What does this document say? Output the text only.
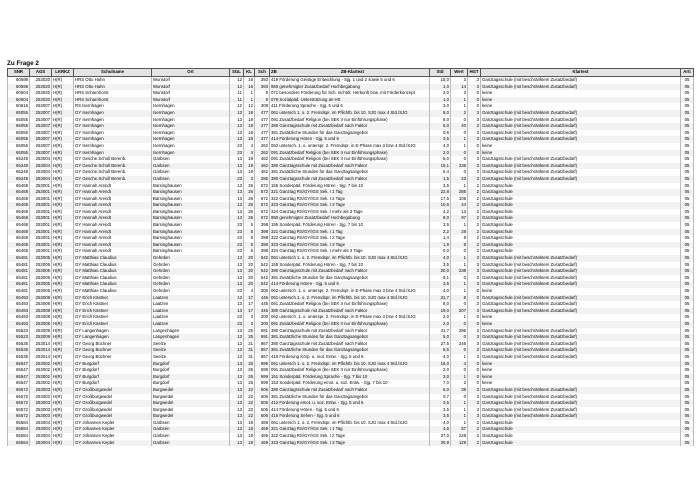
Zu Frage 2
SNR	AGS	LKRKZ	Schulname	Ort	SGL	KL	Sch	ZB ZB-Klartext	Std	Wert	HGT	Klartext	Arti
60598	253020	H(R)	HRS Otto Hahn	Wunstorf	12	16	393	419 Förderung Geistige Entwicklung - Sjg. 1 und 2 sowie 5 und 6	15,0	3	3	Ganztagsschule (mit beschränktem Zusatzbedarf)	05
60598	253020	H(R)	HRS Otto Hahn	Wunstorf	12	16	393	950 genehmigter Zusatzbedarf Hochbegabung	1,0	14	3	Ganztagsschule (mit beschränktem Zusatzbedarf)	05
60604	253020	H(R)	HRS Scharnhorst	Wunstorf	11	1	9	071 besondere Förderung für Sch. nichtdt. Herkunft bzw. mit Förderkonzept	3,0	3	0	keine	05
60604	253020	H(R)	HRS Scharnhorst	Wunstorf	11	1	9	079 Sozialpäd. Unterstützung an HS	1,0	1	0	keine	05
60616	253007	H(R)	RS Isernhagen	Isernhagen	12	12	308	411 Förderung Sprache - Sjg. 5 und 6	3,0	1	0	keine	05
65055	253007	H(R)	GY Isernhagen	Isernhagen	13	18	477	061 untersch 1. o. 2. Fremdspr. im Pflichtb. bis 10. SJG max 4 Std./SJG	8,0	2	3	Ganztagsschule (mit beschränktem Zusatzbedarf)	05
65055	253007	H(R)	GY Isernhagen	Isernhagen	13	18	477	091 Zusatzbedarf Religion (bei SEK II nur Einführungsphase)	8,0	0	3	Ganztagsschule (mit beschränktem Zusatzbedarf)	05
65055	253007	H(R)	GY Isernhagen	Isernhagen	13	18	477	380 Ganztagsschule mit Zusatzbedarf nach Faktor	6,0	40	3	Ganztagsschule (mit beschränktem Zusatzbedarf)	05
65055	253007	H(R)	GY Isernhagen	Isernhagen	13	18	477	381 Zusätzliche Stunden für das Ganztagsangebot	0,6	0	3	Ganztagsschule (mit beschränktem Zusatzbedarf)	05
65055	253007	H(R)	GY Isernhagen	Isernhagen	13	18	477	414 Förderung Hören - Sjg. 5 und 6	3,5	1	3	Ganztagsschule (mit beschränktem Zusatzbedarf)	05
65055	253007	H(R)	GY Isernhagen	Isernhagen	23	4	262	062 untersch. 1. o. unterspr. 2. Fremdspr. in E-Phase max 3 bzw 4 Std./SJG	4,0	1	0	keine	05
65055	253007	H(R)	GY Isernhagen	Isernhagen	23	4	262	091 Zusatzbedarf Religion (bei SEK II nur Einführungsphase)	2,0	0	0	keine	05
65249	253004	H(R)	GY Gesche.Scholl Berenb.	Garbsen	13	19	462	091 Zusatzbedarf Religion (bei SEK II nur Einführungsphase)	6,0	0	3	Ganztagsschule (mit beschränktem Zusatzbedarf)	05
65249	253004	H(R)	GY Gesche.Scholl Berenb.	Garbsen	13	19	462	380 Ganztagsschule mit Zusatzbedarf nach Faktor	19,1	236	3	Ganztagsschule (mit beschränktem Zusatzbedarf)	05
65249	253004	H(R)	GY Gesche.Scholl Berenb.	Garbsen	13	19	462	381 Zusätzliche Stunden für das Ganztagsangebot	6,4	0	3	Ganztagsschule (mit beschränktem Zusatzbedarf)	05
65249	253004	H(R)	GY Gesche.Scholl Berenb.	Garbsen	23	3	286	380 Ganztagsschule mit Zusatzbedarf nach Faktor	1,5	43	3	Ganztagsschule (mit beschränktem Zusatzbedarf)	05
65468	253001	H(R)	GY Hannah Arendt	Barsinghausen	13	26	672	155 Sonderpäd. Förderung Hören - Sjg. 7 bis 10	3,5	1	2	Ganztagsschule	05
65468	253001	H(R)	GY Hannah Arendt	Barsinghausen	13	26	672	321 Ganztag RS/GY/IGS Sek. I 1 Tag	22,8	285	2	Ganztagsschule	05
65468	253001	H(R)	GY Hannah Arendt	Barsinghausen	13	26	672	322 Ganztag RS/GY/IGS Sek. I 2 Tage	17,5	109	2	Ganztagsschule	05
65468	253001	H(R)	GY Hannah Arendt	Barsinghausen	13	26	672	323 Ganztag RS/GY/IGS Sek. I 3 Tage	10,6	44	2	Ganztagsschule	05
65468	253001	H(R)	GY Hannah Arendt	Barsinghausen	13	26	672	324 Ganztag RS/GY/IGS Sek. I mehr als 3 Tage	4,2	13	2	Ganztagsschule	05
65468	253001	H(R)	GY Hannah Arendt	Barsinghausen	13	26	672	950 genehmigter Zusatzbedarf Hochbegabung	8,0	97	2	Ganztagsschule	05
65468	253001	H(R)	GY Hannah Arendt	Barsinghausen	23	5	398	155 Sonderpäd. Förderung Hören - Sjg. 7 bis 10	3,5	1	2	Ganztagsschule	05
65468	253001	H(R)	GY Hannah Arendt	Barsinghausen	23	5	398	321 Ganztag RS/GY/IGS Sek. I 1 Tag	2,2	28	2	Ganztagsschule	05
65468	253001	H(R)	GY Hannah Arendt	Barsinghausen	23	5	398	322 Ganztag RS/GY/IGS Sek. I 2 Tage	1,4	9	2	Ganztagsschule	05
65468	253001	H(R)	GY Hannah Arendt	Barsinghausen	23	5	398	323 Ganztag RS/GY/IGS Sek. I 3 Tage	1,9	8	2	Ganztagsschule	05
65468	253001	H(R)	GY Hannah Arendt	Barsinghausen	23	5	398	324 Ganztag RS/GY/IGS Sek. I mehr als 3 Tage	0,0	0	2	Ganztagsschule	05
65481	253005	H(R)	GY Matthias Claudius	Gehrden	13	20	542	061 untersch 1. o. 2. Fremdspr. im Pflichtb. bis 10. SJG max 4 Std./SJG	4,0	1	3	Ganztagsschule (mit beschränktem Zusatzbedarf)	05
65481	253005	H(R)	GY Matthias Claudius	Gehrden	13	20	542	155 Sonderpäd. Förderung Hören - Sjg. 7 bis 10	3,5	1	3	Ganztagsschule (mit beschränktem Zusatzbedarf)	05
65481	253005	H(R)	GY Matthias Claudius	Gehrden	13	20	542	380 Ganztagsschule mit Zusatzbedarf nach Faktor	20,0	238	3	Ganztagsschule (mit beschränktem Zusatzbedarf)	05
65481	253005	H(R)	GY Matthias Claudius	Gehrden	13	20	542	381 Zusätzliche Stunden für das Ganztagsangebot	9,1	0	3	Ganztagsschule (mit beschränktem Zusatzbedarf)	05
65481	253005	H(R)	GY Matthias Claudius	Gehrden	13	20	542	414 Förderung Hören - Sjg. 5 und 6	3,5	1	3	Ganztagsschule (mit beschränktem Zusatzbedarf)	05
65481	253005	H(R)	GY Matthias Claudius	Gehrden	23	4	306	062 untersch. 1. o. unterspr. 2. Fremdspr. in E-Phase max 3 bzw 4 Std./SJG	4,0	1	0	keine	05
65493	253008	H(R)	GY Erich Kästner	Laatzen	13	17	446	061 untersch 1. o. 2. Fremdspr. im Pflichtb. bis 10. SJG max 4 Std./SJG	31,7	8	0	Ganztagsschule (mit beschränktem Zusatzbedarf)	05
65493	253008	H(R)	GY Erich Kästner	Laatzen	13	17	446	091 Zusatzbedarf Religion (bei SEK II nur Einführungsphase)	8,0	0	3	Ganztagsschule (mit beschränktem Zusatzbedarf)	05
65493	253008	H(R)	GY Erich Kästner	Laatzen	13	17	446	380 Ganztagsschule mit Zusatzbedarf nach Faktor	19,0	207	3	Ganztagsschule (mit beschränktem Zusatzbedarf)	05
65493	253008	H(R)	GY Erich Kästner	Laatzen	23	3	200	062 untersch. 1. o. unterspr. 2. Fremdspr. in E-Phase max 3 bzw 4 Std./SJG	2,0	1	0	keine	05
65493	253008	H(R)	GY Erich Kästner	Laatzen	23	3	200	091 Zusatzbedarf Religion (bei SEK II nur Einführungsphase)	2,0	0	0	keine	05
65523	253009	H(R)	GY Langenhagen	Langenhagen	13	25	691	380 Ganztagsschule mit Zusatzbedarf nach Faktor	31,7	286	3	Ganztagsschule (mit beschränktem Zusatzbedarf)	05
65523	253009	H(R)	GY Langenhagen	Langenhagen	13	25	691	381 Zusätzliche Stunden für das Ganztagsangebot	5,0	0	3	Ganztagsschule (mit beschränktem Zusatzbedarf)	05
65535	253014	H(R)	GY Georg Büchner	Seelze	13	31	867	380 Ganztagsschule mit Zusatzbedarf nach Faktor	27,5	246	3	Ganztagsschule (mit beschränktem Zusatzbedarf)	05
65535	253014	H(R)	GY Georg Büchner	Seelze	13	31	867	381 Zusätzliche Stunden für das Ganztagsangebot	5,5	0	3	Ganztagsschule (mit beschränktem Zusatzbedarf)	05
65535	253014	H(R)	GY Georg Büchner	Seelze	13	31	867	418 Förderung Körp. u. mot. Entw. - Sjg. 5 und 6	4,0	1	3	Ganztagsschule (mit beschränktem Zusatzbedarf)	05
65547	253002	H(R)	GY Burgdorf	Burgdorf	13	25	699	061 untersch 1. o. 2. Fremdspr. im Pflichtb. bis 10. SJG max 4 Std./SJG	16,0	4	0	keine	05
65547	253002	H(R)	GY Burgdorf	Burgdorf	13	25	699	091 Zusatzbedarf Religion (bei SEK II nur Einführungsphase)	2,0	0	0	keine	05
65547	253002	H(R)	GY Burgdorf	Burgdorf	13	25	699	151 Sonderpäd. Förderung Sprache - Sjg. 7 bis 10	3,0	1	0	keine	05
65547	253002	H(R)	GY Burgdorf	Burgdorf	13	25	699	153 Sonderpäd. Förderung emot. u. soz. Entw. - Sjg. 7 bis 10	7,0	2	0	keine	05
65572	253003	H(R)	GY Großburgwedel	Burgwedel	13	22	606	380 Ganztagsschule mit Zusatzbedarf nach Faktor	6,0	39	3	Ganztagsschule (mit beschränktem Zusatzbedarf)	05
65572	253003	H(R)	GY Großburgwedel	Burgwedel	13	22	606	381 Zusätzliche Stunden für das Ganztagsangebot	0,7	0	3	Ganztagsschule (mit beschränktem Zusatzbedarf)	05
65572	253003	H(R)	GY Großburgwedel	Burgwedel	13	22	606	412 Förderung emot. u. soz. Entw. - Sjg. 5 und 6	3,5	1	3	Ganztagsschule (mit beschränktem Zusatzbedarf)	05
65572	253003	H(R)	GY Großburgwedel	Burgwedel	13	22	606	414 Förderung Hören - Sjg. 5 und 6	3,5	1	3	Ganztagsschule (mit beschränktem Zusatzbedarf)	05
65572	253003	H(R)	GY Großburgwedel	Burgwedel	13	22	606	416 Förderung Sehen - Sjg. 5 und 6	3,5	1	3	Ganztagsschule (mit beschränktem Zusatzbedarf)	05
65584	253004	H(R)	GY Johannes Kepler	Garbsen	13	18	469	061 untersch 1. o. 2. Fremdspr. im Pflichtb. bis 10. SJG max 4 Std./SJG	4,0	1	2	Ganztagsschule	05
65584	253004	H(R)	GY Johannes Kepler	Garbsen	13	18	469	321 Ganztag RS/GY/IGS Sek. I 1 Tag	4,6	57	2	Ganztagsschule	05
65584	253004	H(R)	GY Johannes Kepler	Garbsen	13	18	469	322 Ganztag RS/GY/IGS Sek. I 2 Tage	37,0	228	2	Ganztagsschule	05
65584	253004	H(R)	GY Johannes Kepler	Garbsen	13	18	469	323 Ganztag RS/GY/IGS Sek. I 3 Tage	30,9	129	2	Ganztagsschule	05
